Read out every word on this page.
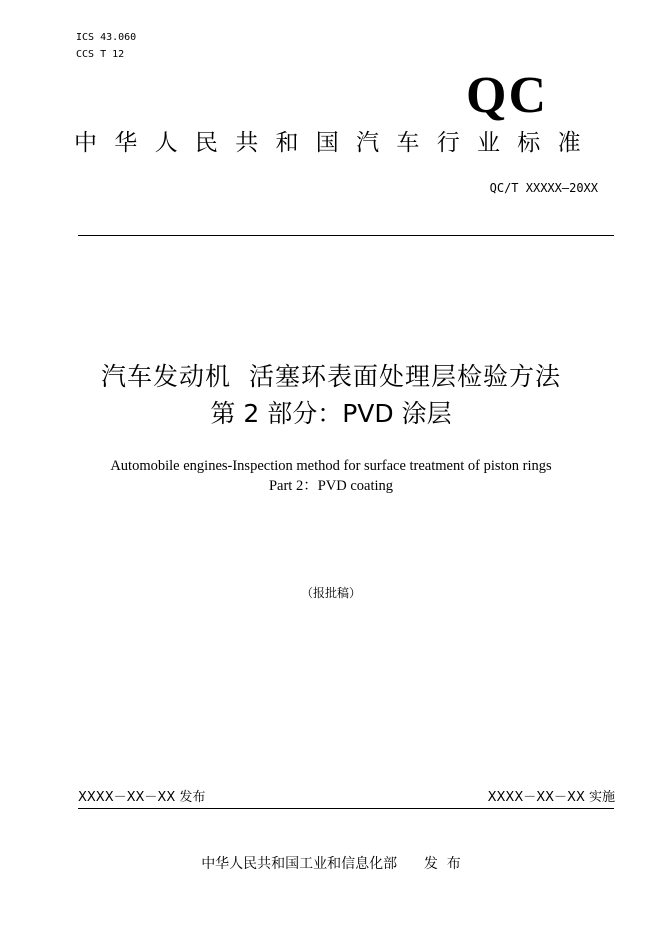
ICS 43.060
CCS T 12
QC
中华人民共和国汽车行业标准
QC/T XXXXX—20XX
汽车发动机  活塞环表面处理层检验方法
第 2 部分：PVD 涂层
Automobile engines-Inspection method for surface treatment of piston rings
Part 2：PVD coating
（报批稿）
XXXX－XX－XX 发布	XXXX－XX－XX 实施
中华人民共和国工业和信息化部      发  布
